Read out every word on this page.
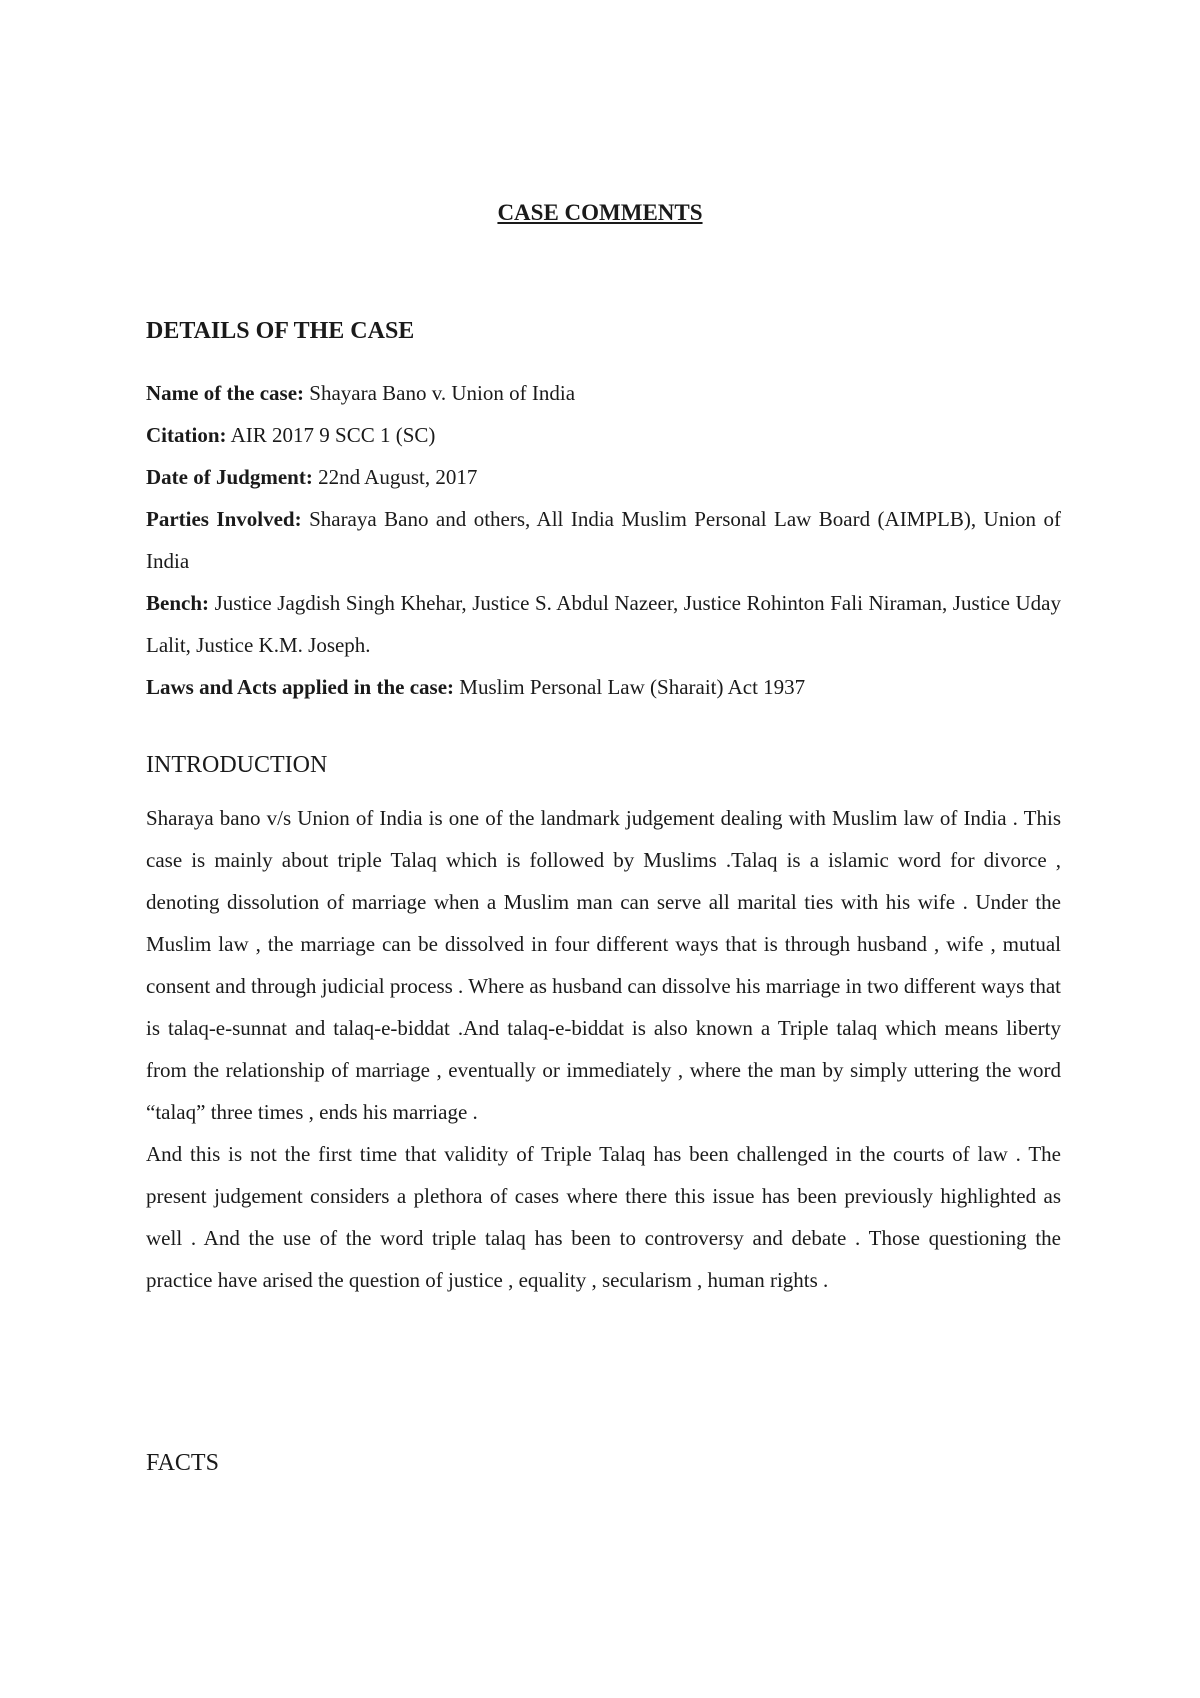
CASE COMMENTS
DETAILS OF THE CASE

Name of the case: Shayara Bano v. Union of India

Citation: AIR 2017 9 SCC 1 (SC)

Date of Judgment: 22nd August, 2017

Parties Involved: Sharaya Bano and others, All India Muslim Personal Law Board (AIMPLB), Union of India

Bench: Justice Jagdish Singh Khehar, Justice S. Abdul Nazeer, Justice Rohinton Fali Niraman, Justice Uday Lalit, Justice K.M. Joseph.

Laws and Acts applied in the case: Muslim Personal Law (Sharait) Act 1937

INTRODUCTION

Sharaya bano v/s Union of India is one of the landmark judgement dealing with Muslim law of India . This case is mainly about triple Talaq which is followed by Muslims .Talaq is a islamic word for divorce , denoting dissolution of marriage when a Muslim man can serve all marital ties with his wife . Under the Muslim law , the marriage can be dissolved in four different ways that is through husband , wife , mutual consent and through judicial process . Where as husband can dissolve his marriage in two different ways that is talaq-e-sunnat and talaq-e-biddat .And talaq-e-biddat is also known a Triple talaq which means liberty from the relationship of marriage , eventually or immediately , where the man by simply uttering the word “talaq” three times , ends his marriage .

And this is not the first time that validity of Triple Talaq has been challenged in the courts of law . The present judgement considers a plethora of cases where there this issue has been previously highlighted as well . And the use of the word triple talaq has been to controversy and debate . Those questioning the practice have arised the question of justice , equality , secularism , human rights .

FACTS
